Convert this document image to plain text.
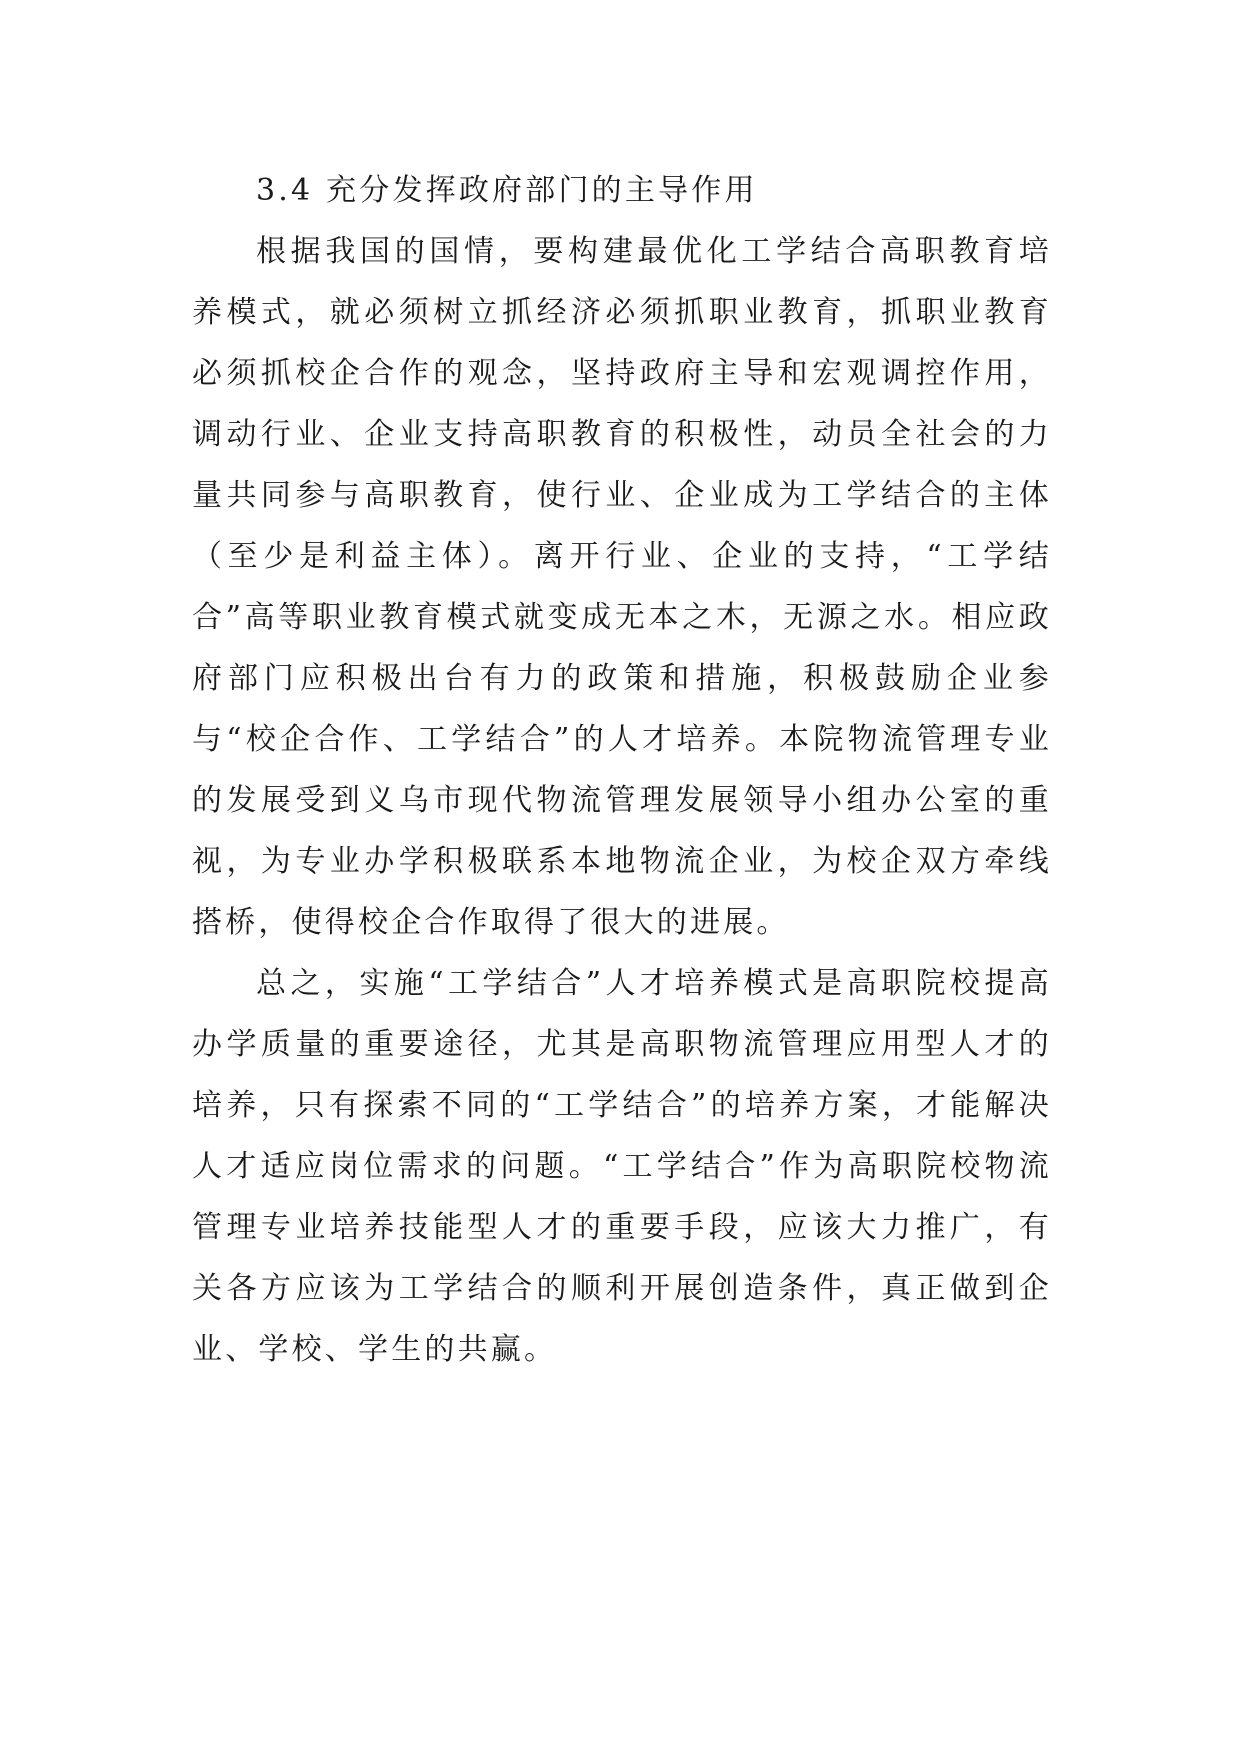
3.4 充分发挥政府部门的主导作用

根据我国的国情，要构建最优化工学结合高职教育培养模式，就必须树立抓经济必须抓职业教育，抓职业教育必须抓校企合作的观念，坚持政府主导和宏观调控作用，调动行业、企业支持高职教育的积极性，动员全社会的力量共同参与高职教育，使行业、企业成为工学结合的主体（至少是利益主体）。离开行业、企业的支持，“工学结合”高等职业教育模式就变成无本之木，无源之水。相应政府部门应积极出台有力的政策和措施，积极鼓励企业参与“校企合作、工学结合”的人才培养。本院物流管理专业的发展受到义乌市现代物流管理发展领导小组办公室的重视，为专业办学积极联系本地物流企业，为校企双方牵线搭桥，使得校企合作取得了很大的进展。

总之，实施“工学结合”人才培养模式是高职院校提高办学质量的重要途径，尤其是高职物流管理应用型人才的培养，只有探索不同的“工学结合”的培养方案，才能解决人才适应岗位需求的问题。“工学结合”作为高职院校物流管理专业培养技能型人才的重要手段，应该大力推广，有关各方应该为工学结合的顺利开展创造条件，真正做到企业、学校、学生的共赢。
